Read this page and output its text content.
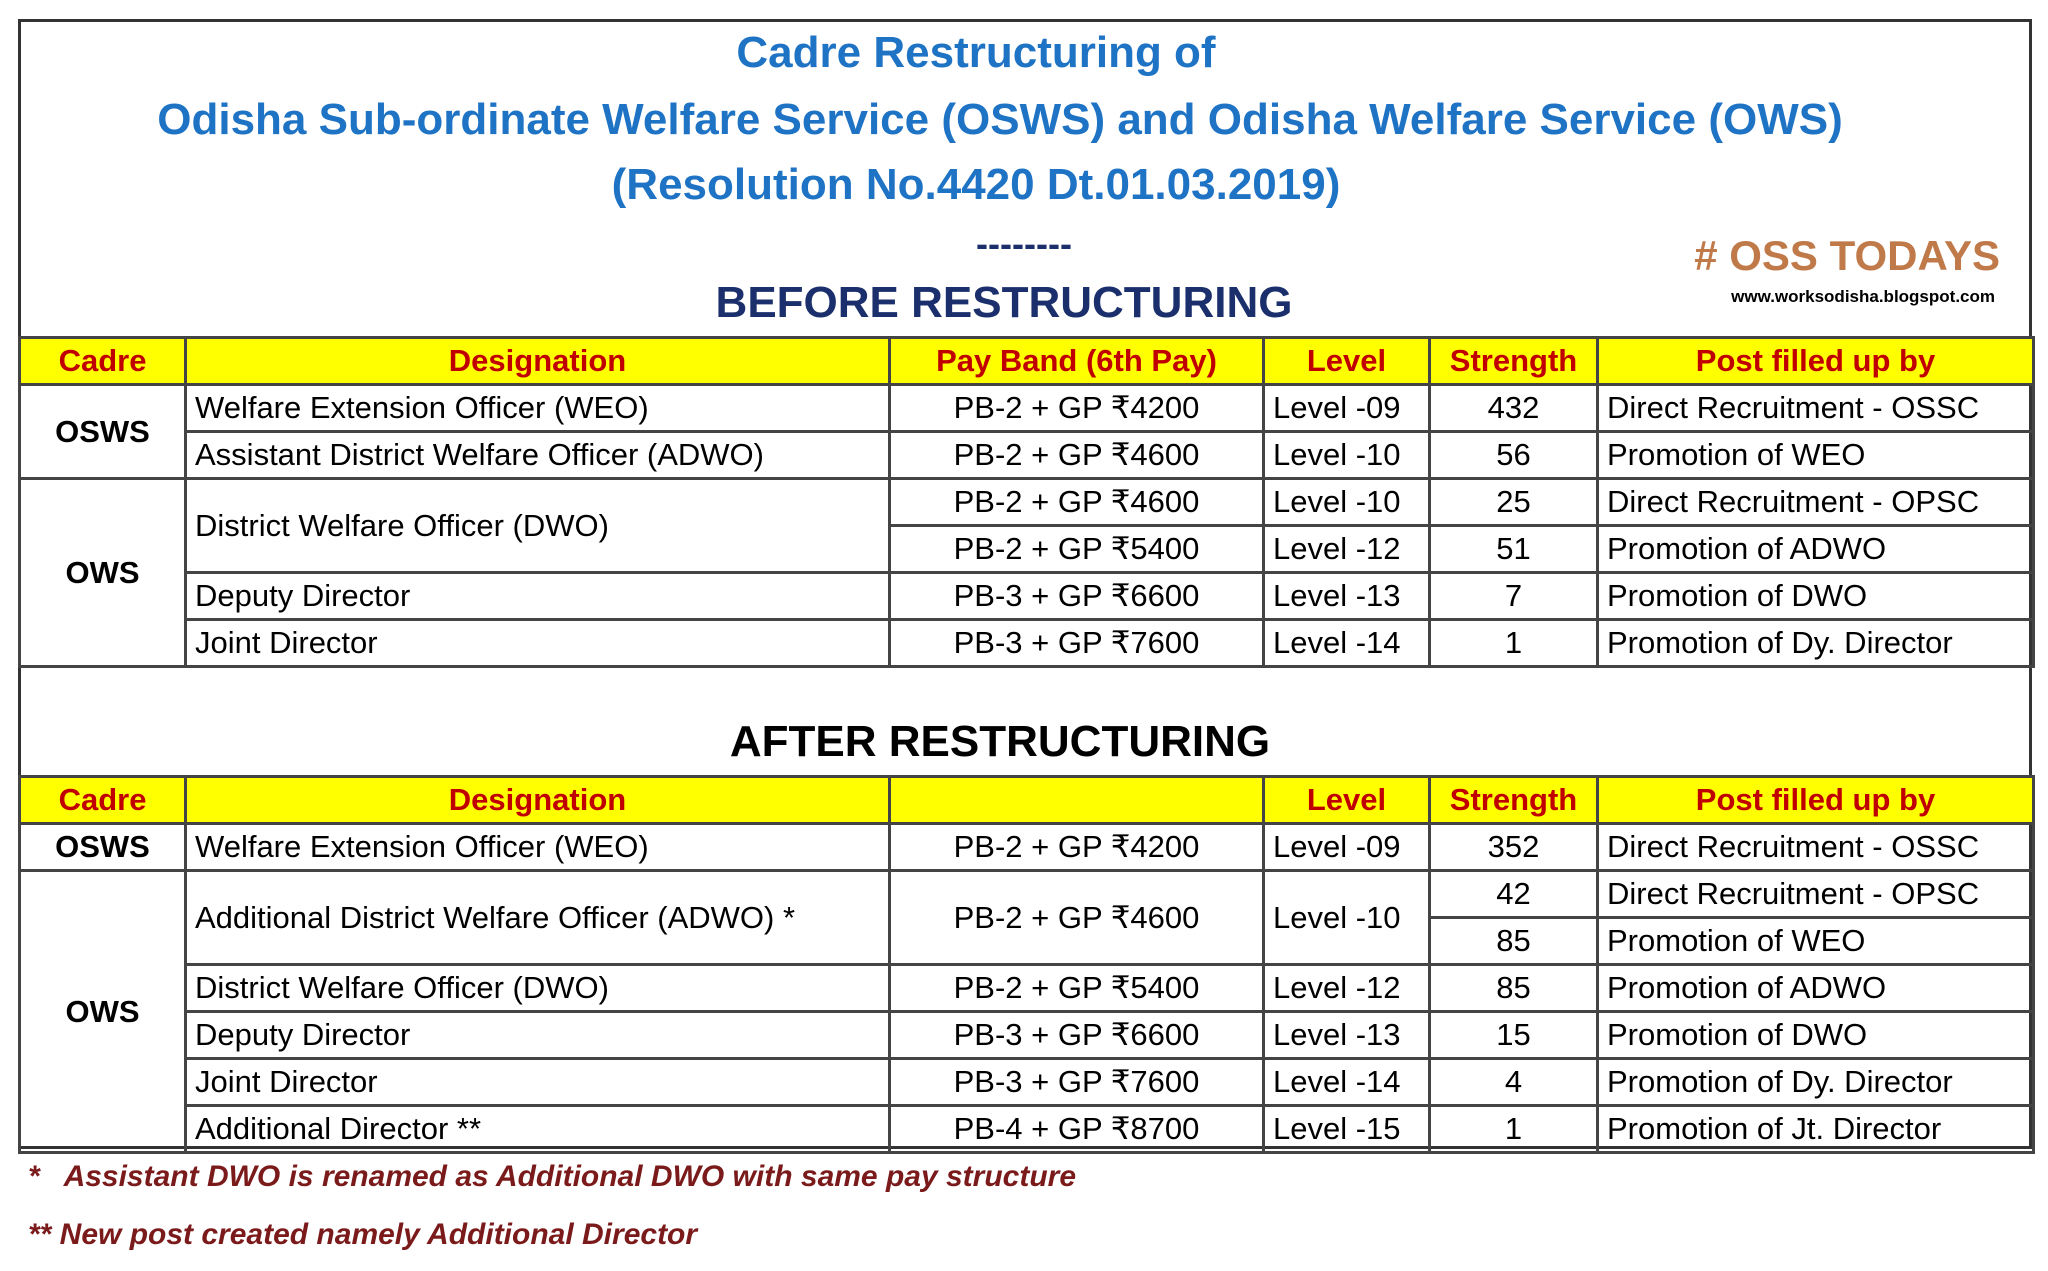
Cadre Restructuring of
Odisha Sub-ordinate Welfare Service (OSWS) and Odisha Welfare Service (OWS)
(Resolution No.4420 Dt.01.03.2019)
--------	# OSS TODAYS
www.worksodisha.blogspot.com
BEFORE RESTRUCTURING
Cadre	Designation	Pay Band (6th Pay)	Level	Strength	Post filled up by
OSWS	Welfare Extension Officer (WEO)	PB-2 + GP ₹4200	Level -09	432	Direct Recruitment - OSSC
	Assistant District Welfare Officer (ADWO)	PB-2 + GP ₹4600	Level -10	56	Promotion of WEO
OWS	District Welfare Officer (DWO)	PB-2 + GP ₹4600	Level -10	25	Direct Recruitment - OPSC
		PB-2 + GP ₹5400	Level -12	51	Promotion of ADWO
	Deputy Director	PB-3 + GP ₹6600	Level -13	7	Promotion of DWO
	Joint Director	PB-3 + GP ₹7600	Level -14	1	Promotion of Dy. Director
AFTER RESTRUCTURING
Cadre	Designation		Level	Strength	Post filled up by
OSWS	Welfare Extension Officer (WEO)	PB-2 + GP ₹4200	Level -09	352	Direct Recruitment - OSSC
OWS	Additional District Welfare Officer (ADWO) *	PB-2 + GP ₹4600	Level -10	42	Direct Recruitment - OPSC
				85	Promotion of WEO
	District Welfare Officer (DWO)	PB-2 + GP ₹5400	Level -12	85	Promotion of ADWO
	Deputy Director	PB-3 + GP ₹6600	Level -13	15	Promotion of DWO
	Joint Director	PB-3 + GP ₹7600	Level -14	4	Promotion of Dy. Director
	Additional Director **	PB-4 + GP ₹8700	Level -15	1	Promotion of Jt. Director
*   Assistant DWO is renamed as Additional DWO with same pay structure
** New post created namely Additional Director
